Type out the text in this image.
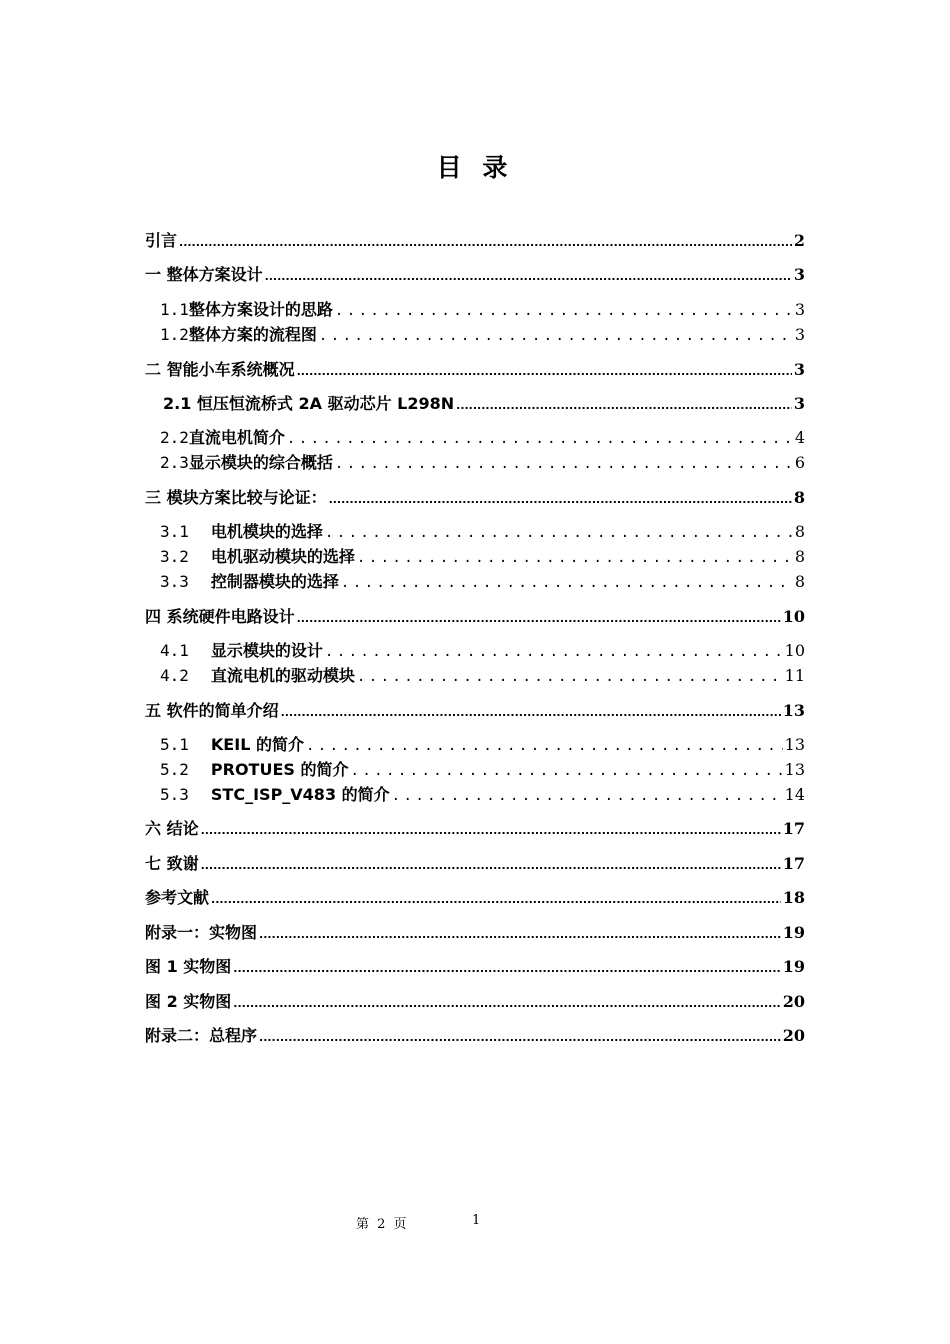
目 录
引言 .....	2
一 整体方案设计 .....	3
1.1整体方案设计的思路 .....	3
1.2整体方案的流程图 .....	3
二 智能小车系统概况 .....	3
2.1 恒压恒流桥式 2A 驱动芯片 L298N .....	3
2.2直流电机简介 .....	4
2.3显示模块的综合概括 .....	6
三 模块方案比较与论证： .....	8
3.1 电机模块的选择 .....	8
3.2 电机驱动模块的选择 .....	8
3.3 控制器模块的选择 .....	8
四 系统硬件电路设计 .....	10
4.1 显示模块的设计 .....	10
4.2 直流电机的驱动模块 .....	11
五 软件的简单介绍 .....	13
5.1 KEIL 的简介 .....	13
5.2 PROTUES 的简介 .....	13
5.3 STC_ISP_V483 的简介 .....	14
六 结论 .....	17
七 致谢 .....	17
参考文献 .....	18
附录一：实物图 .....	19
图 1 实物图 .....	19
图 2 实物图 .....	20
附录二：总程序 .....	20
第 2 页	1
